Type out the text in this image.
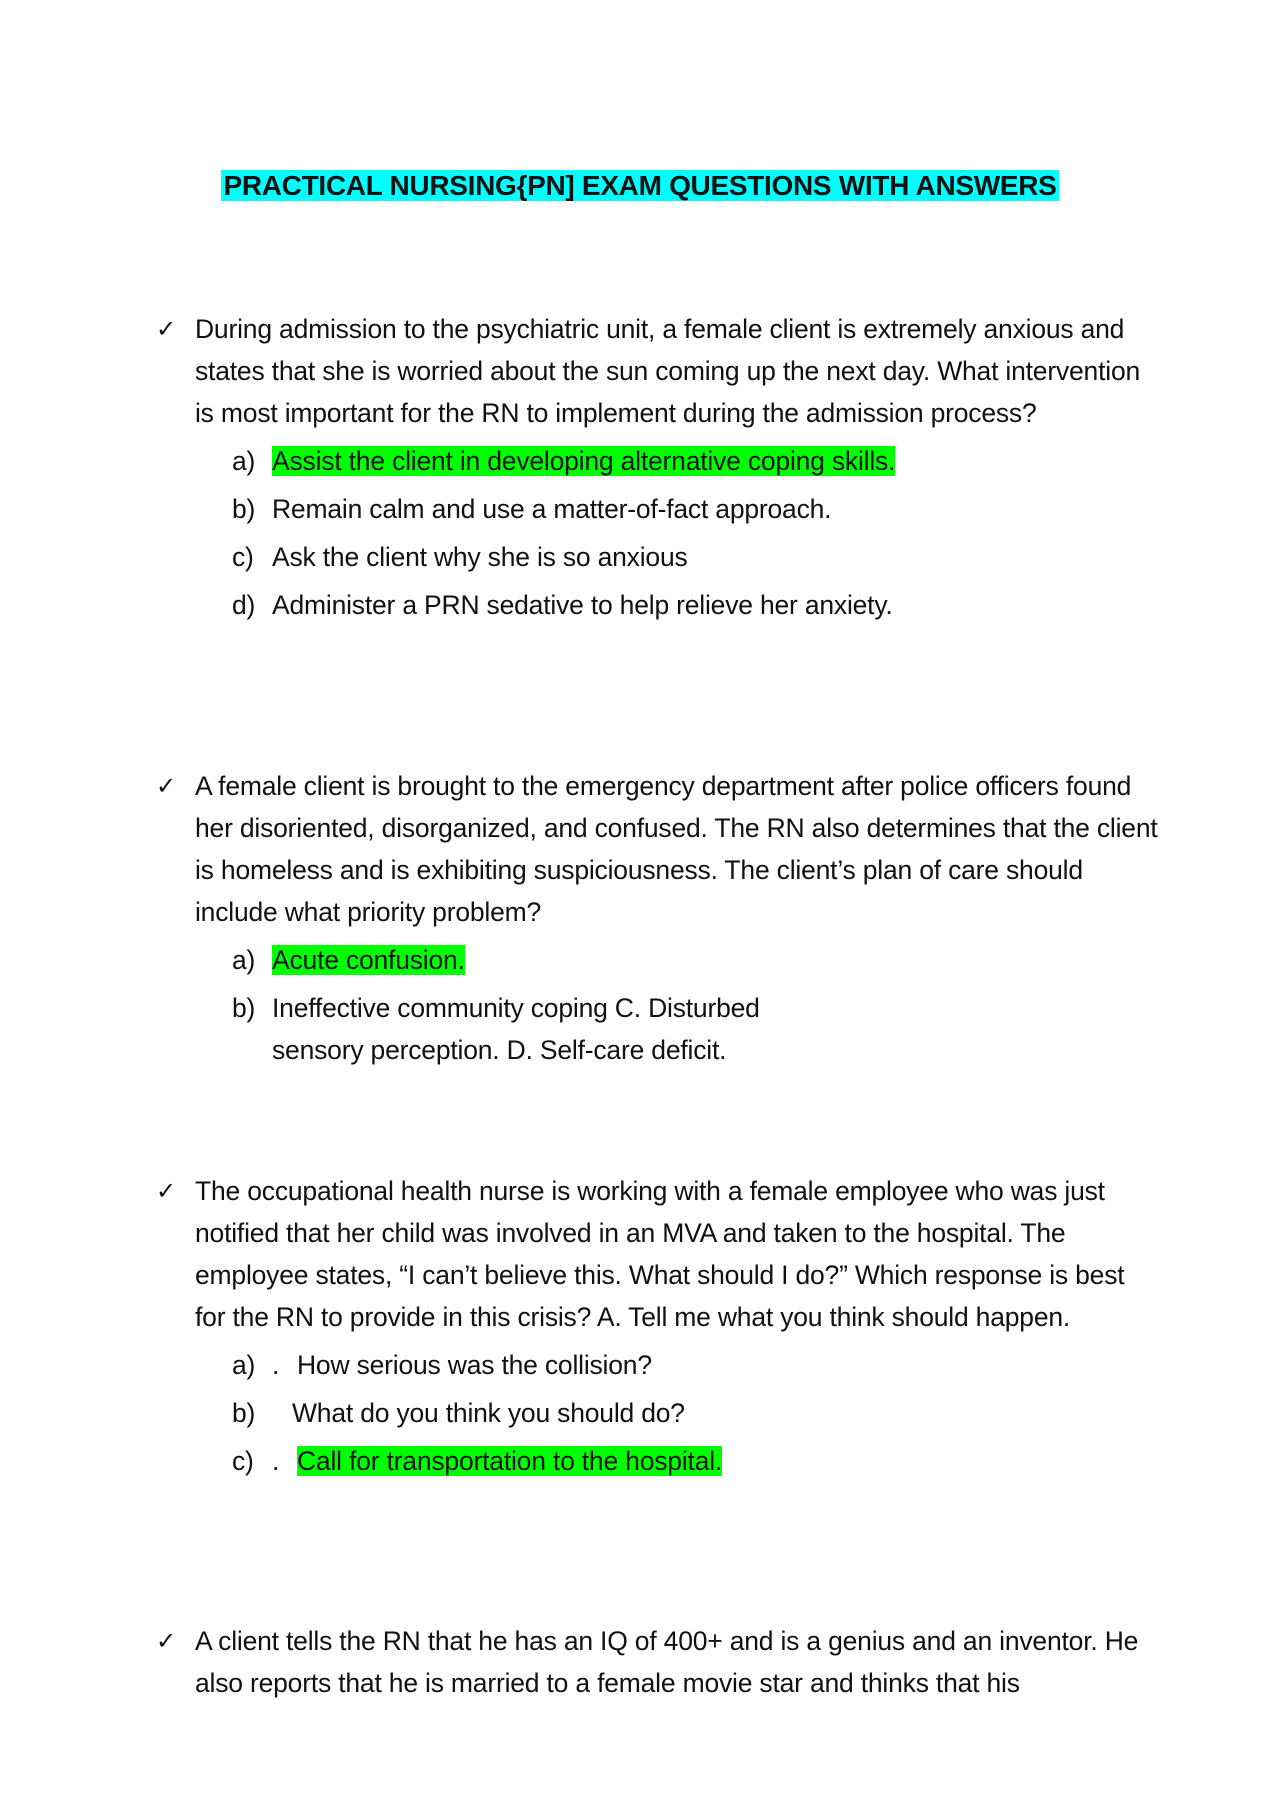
PRACTICAL NURSING{PN] EXAM QUESTIONS WITH ANSWERS
✓ During admission to the psychiatric unit, a female client is extremely anxious and states that she is worried about the sun coming up the next day. What intervention is most important for the RN to implement during the admission process?
a) Assist the client in developing alternative coping skills.
b) Remain calm and use a matter-of-fact approach.
c) Ask the client why she is so anxious
d) Administer a PRN sedative to help relieve her anxiety.
✓ A female client is brought to the emergency department after police officers found her disoriented, disorganized, and confused. The RN also determines that the client is homeless and is exhibiting suspiciousness. The client’s plan of care should include what priority problem?
a) Acute confusion.
b) Ineffective community coping C. Disturbed sensory perception. D. Self-care deficit.
✓ The occupational health nurse is working with a female employee who was just notified that her child was involved in an MVA and taken to the hospital. The employee states, “I can’t believe this. What should I do?” Which response is best for the RN to provide in this crisis? A. Tell me what you think should happen.
a) . How serious was the collision?
b)	What do you think you should do?
c) . Call for transportation to the hospital.
✓ A client tells the RN that he has an IQ of 400+ and is a genius and an inventor. He also reports that he is married to a female movie star and thinks that his
